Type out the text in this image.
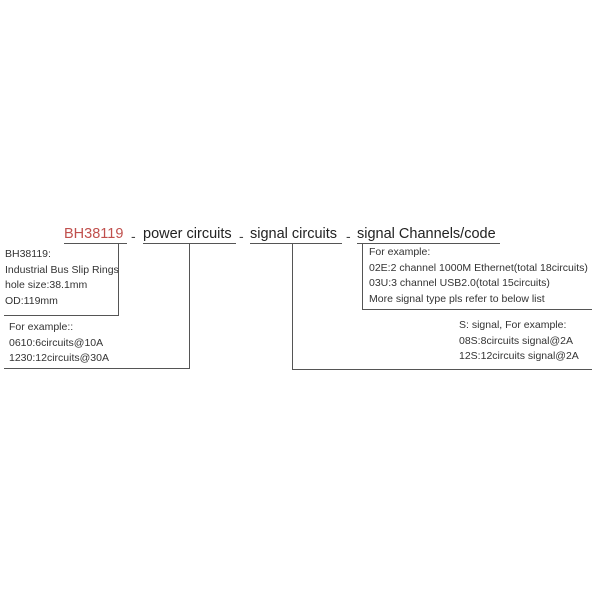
BH38119 - power circuits - signal circuits - signal Channels/code
BH38119:
Industrial Bus Slip Rings
hole size:38.1mm
OD:119mm
For example::
0610:6circuits@10A
1230:12circuits@30A
For example:
02E:2 channel 1000M Ethernet(total 18circuits)
03U:3 channel USB2.0(total 15circuits)
More signal type pls refer to below list
S: signal, For example:
08S:8circuits signal@2A
12S:12circuits signal@2A
